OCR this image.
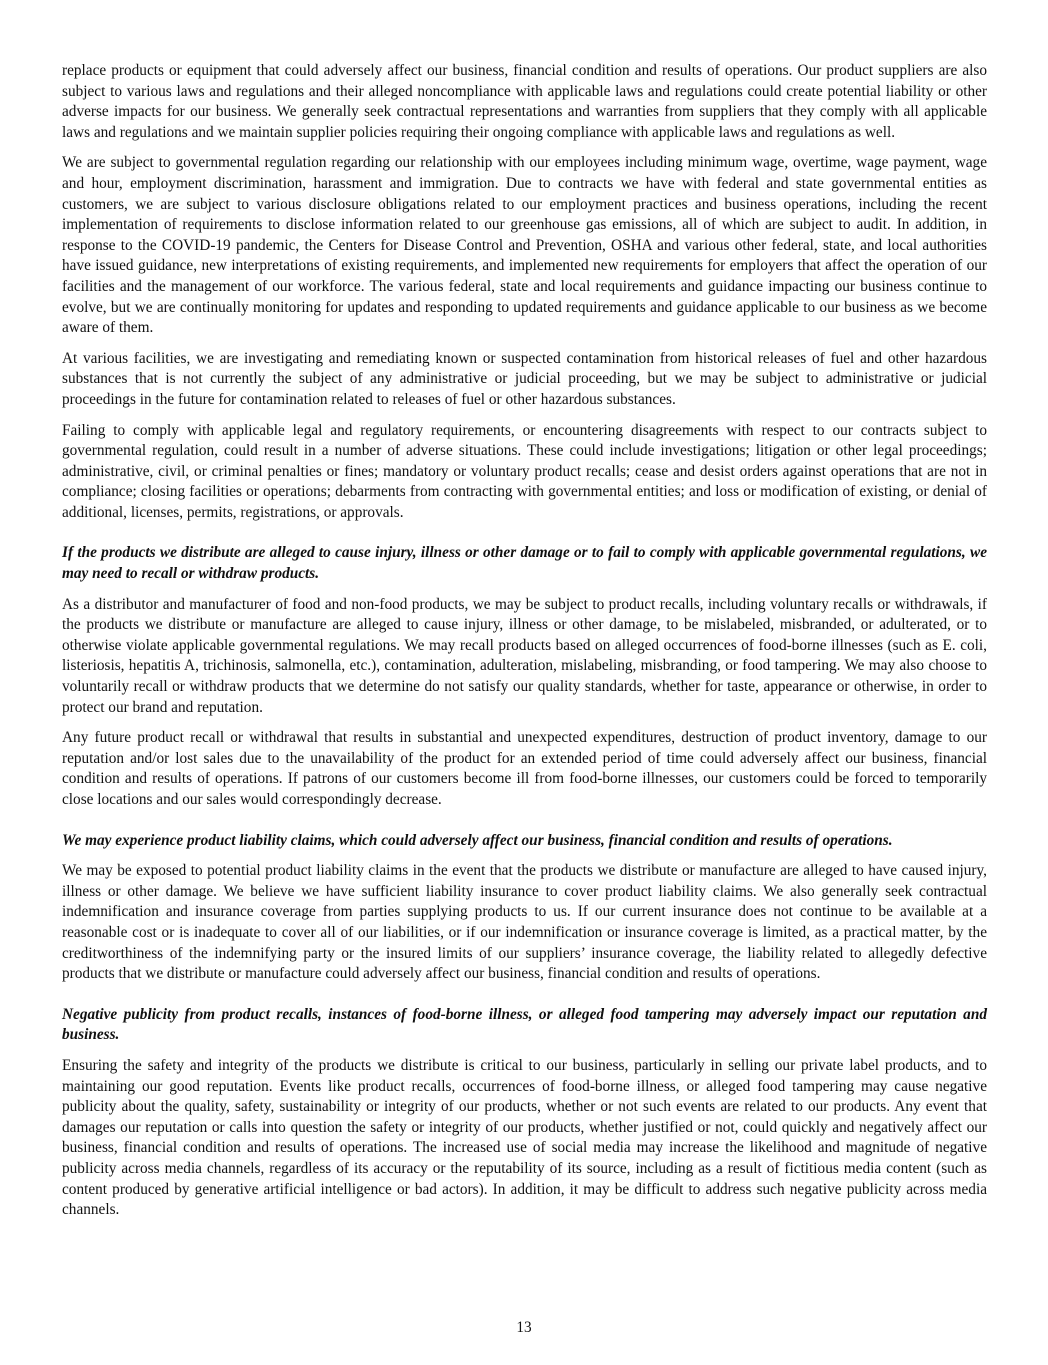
replace products or equipment that could adversely affect our business, financial condition and results of operations. Our product suppliers are also subject to various laws and regulations and their alleged noncompliance with applicable laws and regulations could create potential liability or other adverse impacts for our business. We generally seek contractual representations and warranties from suppliers that they comply with all applicable laws and regulations and we maintain supplier policies requiring their ongoing compliance with applicable laws and regulations as well.

We are subject to governmental regulation regarding our relationship with our employees including minimum wage, overtime, wage payment, wage and hour, employment discrimination, harassment and immigration. Due to contracts we have with federal and state governmental entities as customers, we are subject to various disclosure obligations related to our employment practices and business operations, including the recent implementation of requirements to disclose information related to our greenhouse gas emissions, all of which are subject to audit. In addition, in response to the COVID-19 pandemic, the Centers for Disease Control and Prevention, OSHA and various other federal, state, and local authorities have issued guidance, new interpretations of existing requirements, and implemented new requirements for employers that affect the operation of our facilities and the management of our workforce. The various federal, state and local requirements and guidance impacting our business continue to evolve, but we are continually monitoring for updates and responding to updated requirements and guidance applicable to our business as we become aware of them.

At various facilities, we are investigating and remediating known or suspected contamination from historical releases of fuel and other hazardous substances that is not currently the subject of any administrative or judicial proceeding, but we may be subject to administrative or judicial proceedings in the future for contamination related to releases of fuel or other hazardous substances.

Failing to comply with applicable legal and regulatory requirements, or encountering disagreements with respect to our contracts subject to governmental regulation, could result in a number of adverse situations. These could include investigations; litigation or other legal proceedings; administrative, civil, or criminal penalties or fines; mandatory or voluntary product recalls; cease and desist orders against operations that are not in compliance; closing facilities or operations; debarments from contracting with governmental entities; and loss or modification of existing, or denial of additional, licenses, permits, registrations, or approvals.

If the products we distribute are alleged to cause injury, illness or other damage or to fail to comply with applicable governmental regulations, we may need to recall or withdraw products.

As a distributor and manufacturer of food and non-food products, we may be subject to product recalls, including voluntary recalls or withdrawals, if the products we distribute or manufacture are alleged to cause injury, illness or other damage, to be mislabeled, misbranded, or adulterated, or to otherwise violate applicable governmental regulations. We may recall products based on alleged occurrences of food-borne illnesses (such as E. coli, listeriosis, hepatitis A, trichinosis, salmonella, etc.), contamination, adulteration, mislabeling, misbranding, or food tampering. We may also choose to voluntarily recall or withdraw products that we determine do not satisfy our quality standards, whether for taste, appearance or otherwise, in order to protect our brand and reputation.

Any future product recall or withdrawal that results in substantial and unexpected expenditures, destruction of product inventory, damage to our reputation and/or lost sales due to the unavailability of the product for an extended period of time could adversely affect our business, financial condition and results of operations. If patrons of our customers become ill from food-borne illnesses, our customers could be forced to temporarily close locations and our sales would correspondingly decrease.

We may experience product liability claims, which could adversely affect our business, financial condition and results of operations.

We may be exposed to potential product liability claims in the event that the products we distribute or manufacture are alleged to have caused injury, illness or other damage. We believe we have sufficient liability insurance to cover product liability claims. We also generally seek contractual indemnification and insurance coverage from parties supplying products to us. If our current insurance does not continue to be available at a reasonable cost or is inadequate to cover all of our liabilities, or if our indemnification or insurance coverage is limited, as a practical matter, by the creditworthiness of the indemnifying party or the insured limits of our suppliers’ insurance coverage, the liability related to allegedly defective products that we distribute or manufacture could adversely affect our business, financial condition and results of operations.

Negative publicity from product recalls, instances of food-borne illness, or alleged food tampering may adversely impact our reputation and business.

Ensuring the safety and integrity of the products we distribute is critical to our business, particularly in selling our private label products, and to maintaining our good reputation. Events like product recalls, occurrences of food-borne illness, or alleged food tampering may cause negative publicity about the quality, safety, sustainability or integrity of our products, whether or not such events are related to our products. Any event that damages our reputation or calls into question the safety or integrity of our products, whether justified or not, could quickly and negatively affect our business, financial condition and results of operations. The increased use of social media may increase the likelihood and magnitude of negative publicity across media channels, regardless of its accuracy or the reputability of its source, including as a result of fictitious media content (such as content produced by generative artificial intelligence or bad actors). In addition, it may be difficult to address such negative publicity across media channels.

13
